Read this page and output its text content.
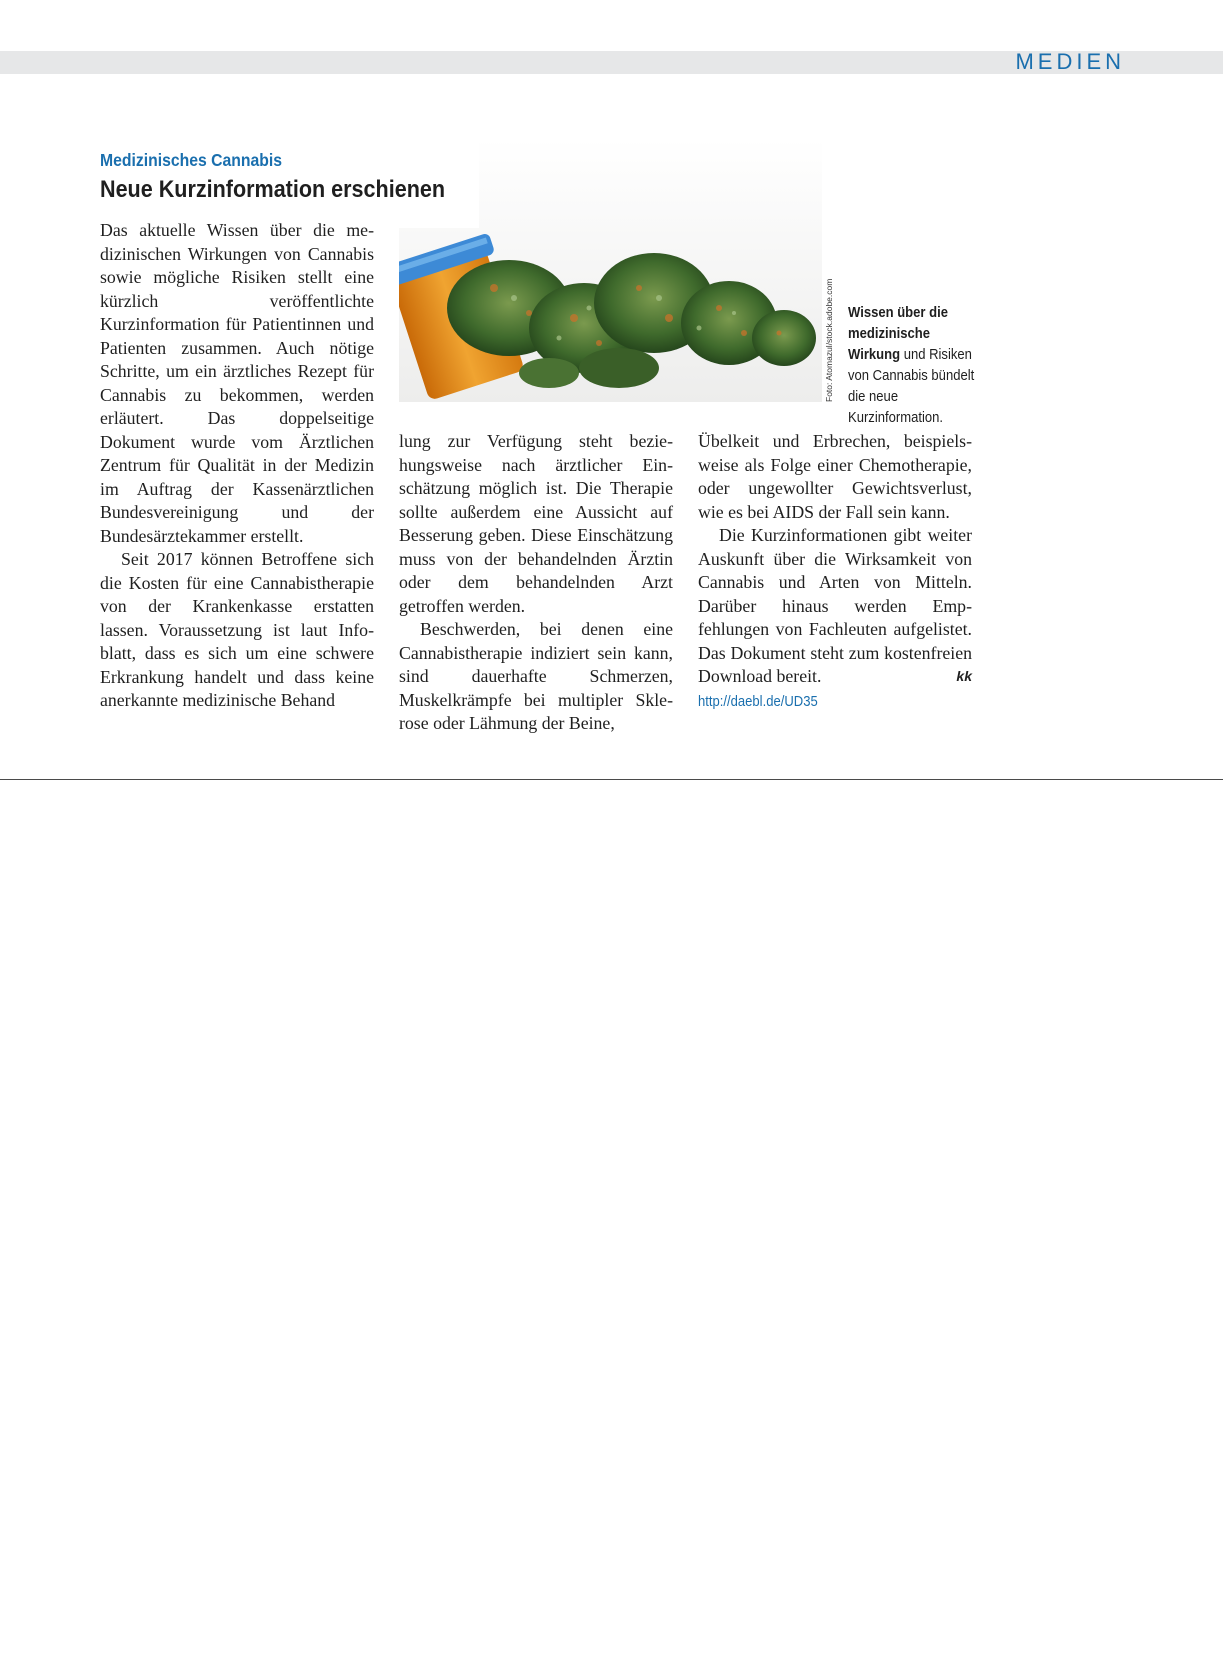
MEDIEN
Medizinisches Cannabis
Neue Kurzinformation erschienen
Foto: Atomazul/stock.adobe.com Wissen über die medizinische Wirkung und Risiken von Cannabis bündelt die neue Kurzinformation.

Das aktuelle Wissen über die medizinischen Wirkungen von Cannabis sowie mögliche Risiken stellt eine kürzlich veröffentlichte Kurzinformation für Patientinnen und Patienten zusammen. Auch nötige Schritte, um ein ärztliches Rezept für Cannabis zu bekommen, werden erläutert. Das doppelseitige Dokument wurde vom Ärztlichen Zentrum für Qualität in der Medizin im Auftrag der Kassenärztlichen Bundesvereinigung und der Bundesärztekammer erstellt.

Seit 2017 können Betroffene sich die Kosten für eine Cannabistherapie von der Krankenkasse erstatten lassen. Voraussetzung ist laut Infoblatt, dass es sich um eine schwere Erkrankung handelt und dass keine anerkannte medizinische Behand

lung zur Verfügung steht beziehungsweise nach ärztlicher Einschätzung möglich ist. Die Therapie sollte außerdem eine Aussicht auf Besserung geben. Diese Einschätzung muss von der behandelnden Ärztin oder dem behandelnden Arzt getroffen werden.

Beschwerden, bei denen eine Cannabistherapie indiziert sein kann, sind dauerhafte Schmerzen, Muskelkrämpfe bei multipler Sklerose oder Lähmung der Beine,

Übelkeit und Erbrechen, beispielsweise als Folge einer Chemotherapie, oder ungewollter Gewichtsverlust, wie es bei AIDS der Fall sein kann.

Die Kurzinformationen gibt weiter Auskunft über die Wirksamkeit von Cannabis und Arten von Mitteln. Darüber hinaus werden Empfehlungen von Fachleuten aufgelistet. Das Dokument steht zum kostenfreien Download bereit.	kk

http://daebl.de/UD35
